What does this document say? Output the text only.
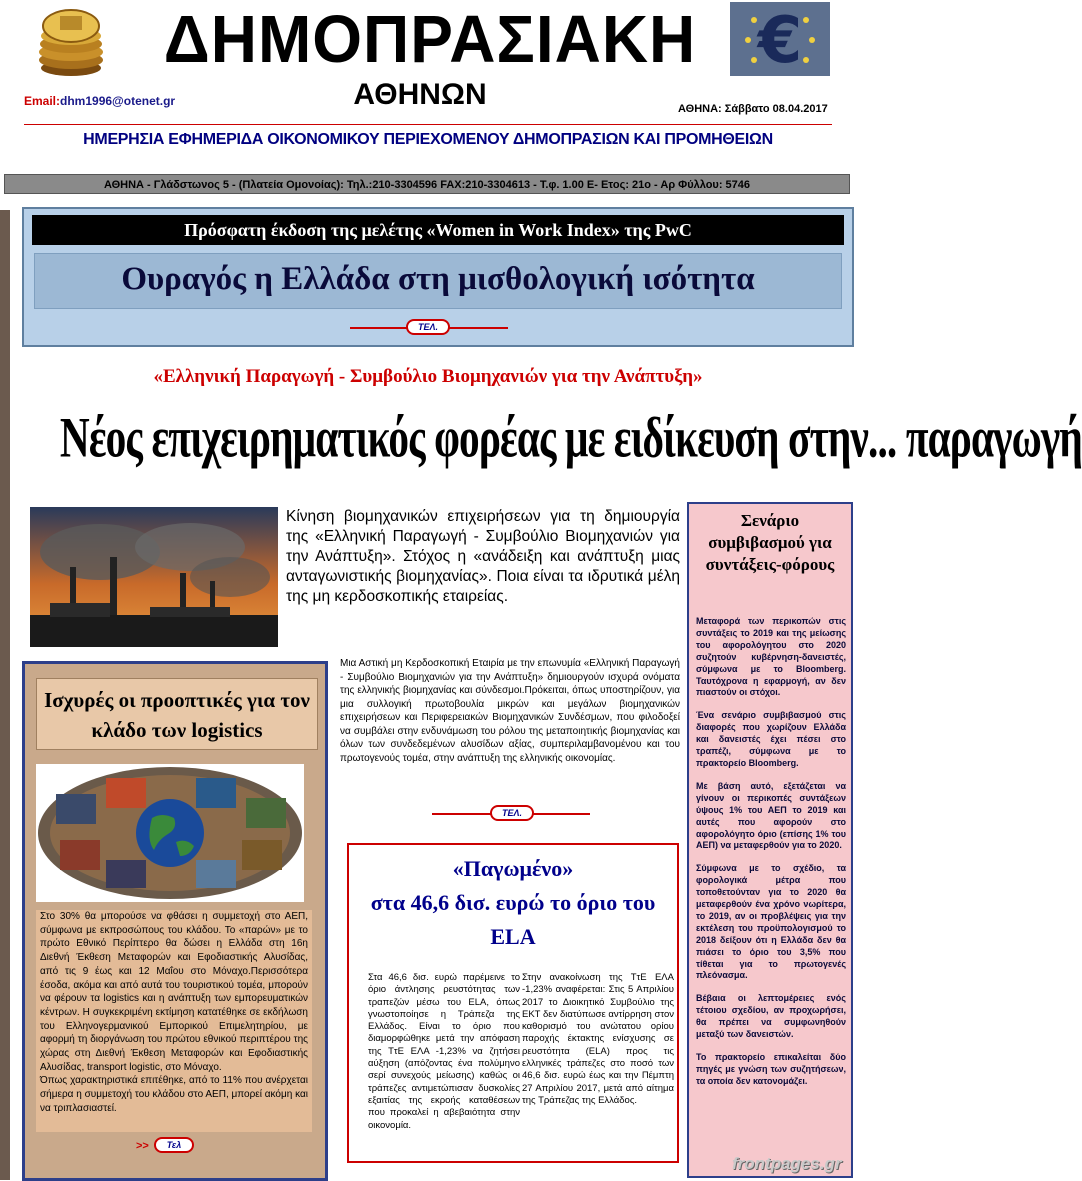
ΔΗΜΟΠΡΑΣΙΑΚΗ €
ΑΘΗΝΩΝ
Email:dhm1996@otenet.gr
ΑΘΗΝΑ: Σάββατο 08.04.2017
ΗΜΕΡΗΣΙΑ ΕΦΗΜΕΡΙΔΑ ΟΙΚΟΝΟΜΙΚΟΥ ΠΕΡΙΕΧΟΜΕΝΟΥ ΔΗΜΟΠΡΑΣΙΩΝ ΚΑΙ ΠΡΟΜΗΘΕΙΩΝ
ΑΘΗΝΑ - Γλάδστωνος 5 - (Πλατεία Ομονοίας): Τηλ.:210-3304596 FAX:210-3304613 - Τ.φ. 1.00 Ε- Ετος: 21ο - Αρ Φύλλου: 5746
Πρόσφατη έκδοση της μελέτης «Women in Work Index» της PwC
Ουραγός η Ελλάδα στη μισθολογική ισότητα
ΤΕΛ.
«Ελληνική Παραγωγή - Συμβούλιο Βιομηχανιών για την Ανάπτυξη»
Νέος επιχειρηματικός φορέας με ειδίκευση στην... παραγωγή
Κίνηση βιομηχανικών επιχειρήσεων για τη δημιουργία της «Ελληνική Παραγωγή - Συμβούλιο Βιομηχανιών για την Ανάπτυξη». Στόχος η «ανάδειξη και ανάπτυξη μιας ανταγωνιστικής βιομηχανίας». Ποια είναι τα ιδρυτικά μέλη της μη κερδοσκοπικής εταιρείας.
Μια Αστική μη Κερδοσκοπική Εταιρία με την επωνυμία «Ελληνική Παραγωγή - Συμβούλιο Βιομηχανιών για την Ανάπτυξη» δημιουργούν ισχυρά ονόματα της ελληνικής βιομηχανίας και σύνδεσμοι.Πρόκειται, όπως υποστηρίζουν, για μια συλλογική πρωτοβουλία μικρών και μεγάλων βιομηχανικών επιχειρήσεων και Περιφερειακών Βιομηχανικών Συνδέσμων, που φιλοδοξεί να συμβάλει στην ενδυνάμωση του ρόλου της μεταποιητικής βιομηχανίας και όλων των συνδεδεμένων αλυσίδων αξίας, συμπεριλαμβανομένου και του πρωτογενούς τομέα, στην ανάπτυξη της ελληνικής οικονομίας.
ΤΕΛ.
Ισχυρές οι προοπτικές για τον κλάδο των logistics
Στο 30% θα μπορούσε να φθάσει η συμμετοχή στο ΑΕΠ, σύμφωνα με εκπροσώπους του κλάδου. Το «παρών» με το πρώτο Εθνικό Περίπτερο θα δώσει η Ελλάδα στη 16η Διεθνή Έκθεση Μεταφορών και Εφοδιαστικής Αλυσίδας, από τις 9 έως και 12 Μαΐου στο Μόναχο.Περισσότερα έσοδα, ακόμα και από αυτά του τουριστικού τομέα, μπορούν να φέρουν τα logistics και η ανάπτυξη των εμπορευματικών κέντρων. Η συγκεκριμένη εκτίμηση κατατέθηκε σε εκδήλωση του Ελληνογερμανικού Εμπορικού Επιμελητηρίου, με αφορμή τη διοργάνωση του πρώτου εθνικού περιπτέρου της χώρας στη Διεθνή Έκθεση Μεταφορών και Εφοδιαστικής Αλυσίδας, transport logistic, στο Μόναχο.
Όπως χαρακτηριστικά επιτέθηκε, από το 11% που ανέρχεται σήμερα η συμμετοχή του κλάδου στο ΑΕΠ, μπορεί ακόμη και να τριπλασιαστεί.
>>	Τελ
«Παγωμένο»
στα 46,6 δισ. ευρώ το όριο του ELA
Στα 46,6 δισ. ευρώ παρέμεινε το όριο άντλησης ρευστότητας των τραπεζών μέσω του ELA, όπως γνωστοποίησε η Τράπεζα της Ελλάδος. Είναι το όριο που διαμορφώθηκε μετά την απόφαση της ΤτΕ ΕΛΑ -1,23% να ζητήσει αύξηση (απόζοντας ένα πολύμηνο σερί συνεχούς μείωσης) καθώς οι τράπεζες αντιμετώπισαν δυσκολίες εξαιτίας της εκροής καταθέσεων που προκαλεί η αβεβαιότητα στην οικονομία.
Στην ανακοίνωση της ΤτΕ ΕΛΑ -1,23% αναφέρεται: Στις 5 Απριλίου 2017 το Διοικητικό Συμβούλιο της ΕΚΤ δεν διατύπωσε αντίρρηση στον καθορισμό του ανώτατου ορίου παροχής έκτακτης ενίσχυσης σε ρευστότητα (ELA) προς τις ελληνικές τράπεζες στο ποσό των 46,6 δισ. ευρώ έως και την Πέμπτη 27 Απριλίου 2017, μετά από αίτημα της Τράπεζας της Ελλάδος.
Σενάριο συμβιβασμού για συντάξεις-φόρους

Μεταφορά των περικοπών στις συντάξεις το 2019 και της μείωσης του αφορολόγητου στο 2020 συζητούν κυβέρνηση-δανειστές, σύμφωνα με το Bloomberg. Ταυτόχρονα η εφαρμογή, αν δεν πιαστούν οι στόχοι.

Ένα σενάριο συμβιβασμού στις διαφορές που χωρίζουν Ελλάδα και δανειστές έχει πέσει στο τραπέζι, σύμφωνα με το πρακτορείο Bloomberg.

Με βάση αυτό, εξετάζεται να γίνουν οι περικοπές συντάξεων ύψους 1% του ΑΕΠ το 2019 και αυτές που αφορούν στο αφορολόγητο όριο (επίσης 1% του ΑΕΠ) να μεταφερθούν για το 2020.

Σύμφωνα με το σχέδιο, τα φορολογικά μέτρα που τοποθετούνταν για το 2020 θα μεταφερθούν ένα χρόνο νωρίτερα, το 2019, αν οι προβλέψεις για την εκτέλεση του προϋπολογισμού το 2018 δείξουν ότι η Ελλάδα δεν θα πιάσει το όριο του 3,5% που τίθεται για το πρωτογενές πλεόνασμα.

Βέβαια οι λεπτομέρειες ενός τέτοιου σχεδίου, αν προχωρήσει, θα πρέπει να συμφωνηθούν μεταξύ των δανειστών.

Το πρακτορείο επικαλείται δύο πηγές με γνώση των συζητήσεων, τα οποία δεν κατονομάζει.

frontpages.gr
